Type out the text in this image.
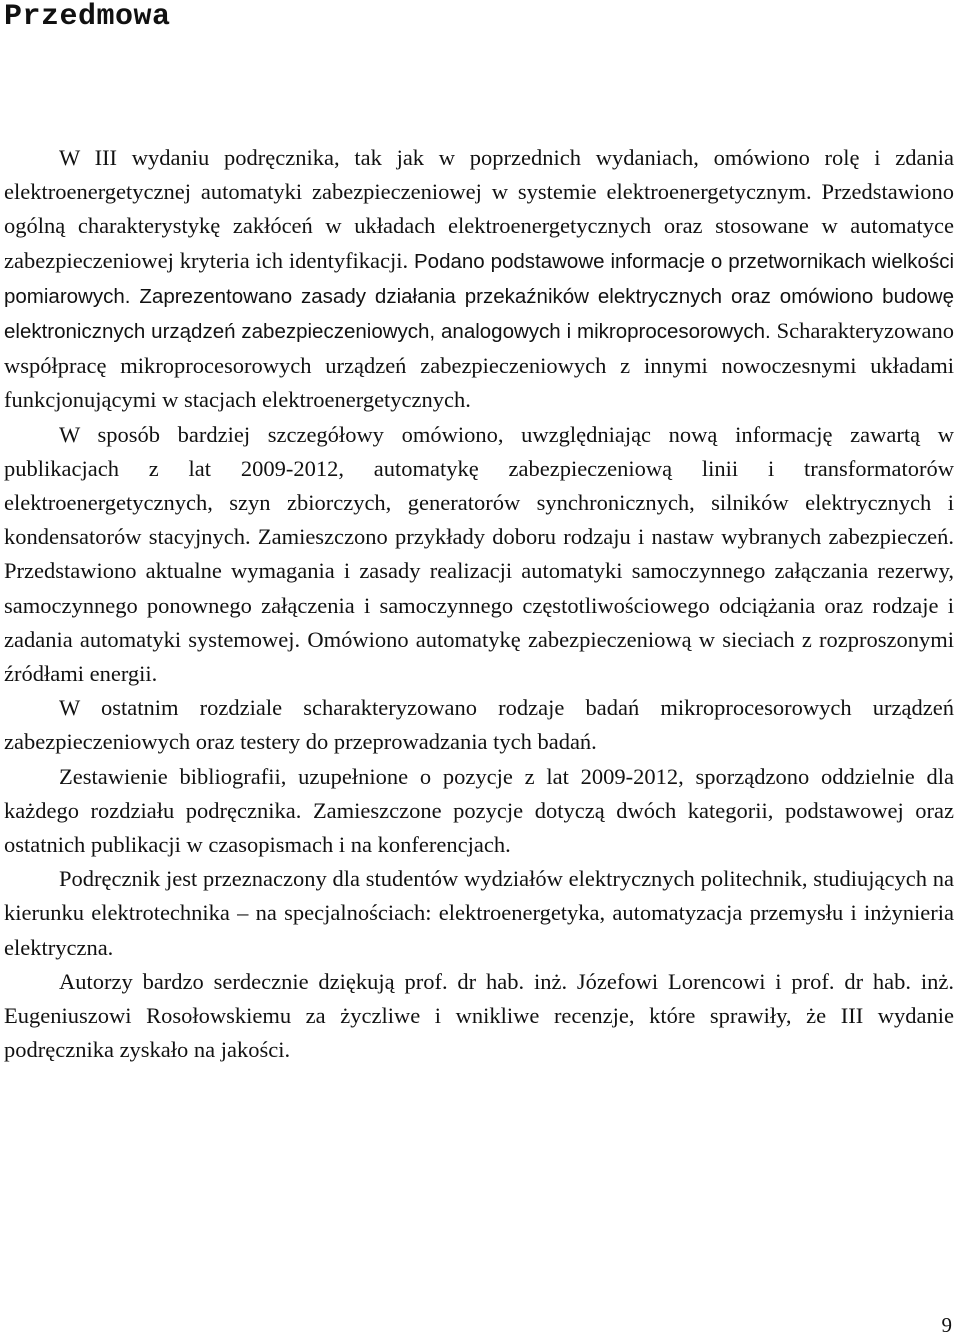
Przedmowa

W III wydaniu podręcznika, tak jak w poprzednich wydaniach, omówiono rolę i zdania elektroenergetycznej automatyki zabezpieczeniowej w systemie elektroenergetycznym. Przedstawiono ogólną charakterystykę zakłóceń w układach elektroenergetycznych oraz stosowane w automatyce zabezpieczeniowej kryteria ich identyfikacji. Podano podstawowe informacje o przetwornikach wielkości pomiarowych. Zaprezentowano zasady działania przekaźników elektrycznych oraz omówiono budowę elektronicznych urządzeń zabezpieczeniowych, analogowych i mikroprocesorowych. Scharakteryzowano współpracę mikroprocesorowych urządzeń zabezpieczeniowych z innymi nowoczesnymi układami funkcjonującymi w stacjach elektroenergetycznych.

W sposób bardziej szczegółowy omówiono, uwzględniając nową informację zawartą w publikacjach z lat 2009-2012, automatykę zabezpieczeniową linii i transformatorów elektroenergetycznych, szyn zbiorczych, generatorów synchronicznych, silników elektrycznych i kondensatorów stacyjnych. Zamieszczono przykłady doboru rodzaju i nastaw wybranych zabezpieczeń. Przedstawiono aktualne wymagania i zasady realizacji automatyki samoczynnego załączania rezerwy, samoczynnego ponownego załączenia i samoczynnego częstotliwościowego odciążania oraz rodzaje i zadania automatyki systemowej. Omówiono automatykę zabezpieczeniową w sieciach z rozproszonymi źródłami energii.

W ostatnim rozdziale scharakteryzowano rodzaje badań mikroprocesorowych urządzeń zabezpieczeniowych oraz testery do przeprowadzania tych badań.

Zestawienie bibliografii, uzupełnione o pozycje z lat 2009-2012, sporządzono oddzielnie dla każdego rozdziału podręcznika. Zamieszczone pozycje dotyczą dwóch kategorii, podstawowej oraz ostatnich publikacji w czasopismach i na konferencjach.

Podręcznik jest przeznaczony dla studentów wydziałów elektrycznych politechnik, studiujących na kierunku elektrotechnika – na specjalnościach: elektroenergetyka, automatyzacja przemysłu i inżynieria elektryczna.

Autorzy bardzo serdecznie dziękują prof. dr hab. inż. Józefowi Lorencowi i prof. dr hab. inż. Eugeniuszowi Rosołowskiemu za życzliwe i wnikliwe recenzje, które sprawiły, że III wydanie podręcznika zyskało na jakości.

9
